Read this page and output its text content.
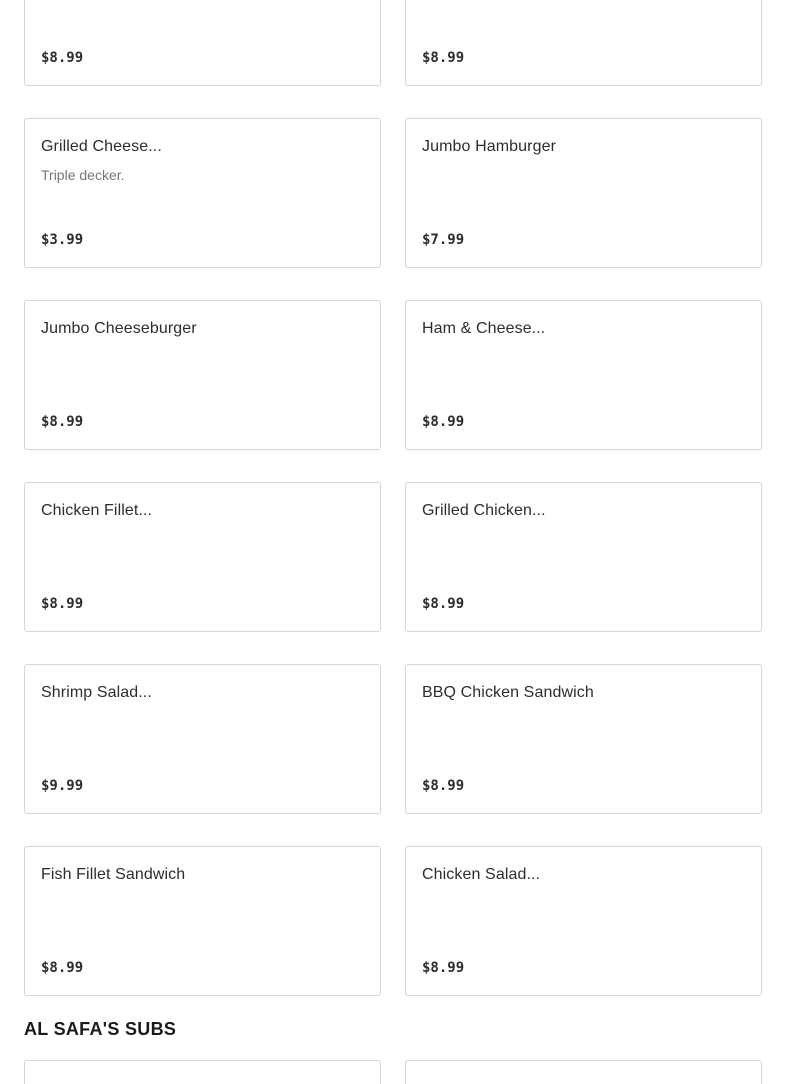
$8.99	$8.99
Grilled Cheese...
Triple decker.
$3.99
Jumbo Hamburger
$7.99
Jumbo Cheeseburger
$8.99
Ham & Cheese...
$8.99
Chicken Fillet...
$8.99
Grilled Chicken...
$8.99
Shrimp Salad...
$9.99
BBQ Chicken Sandwich
$8.99
Fish Fillet Sandwich
$8.99
Chicken Salad...
$8.99
AL SAFA'S SUBS
